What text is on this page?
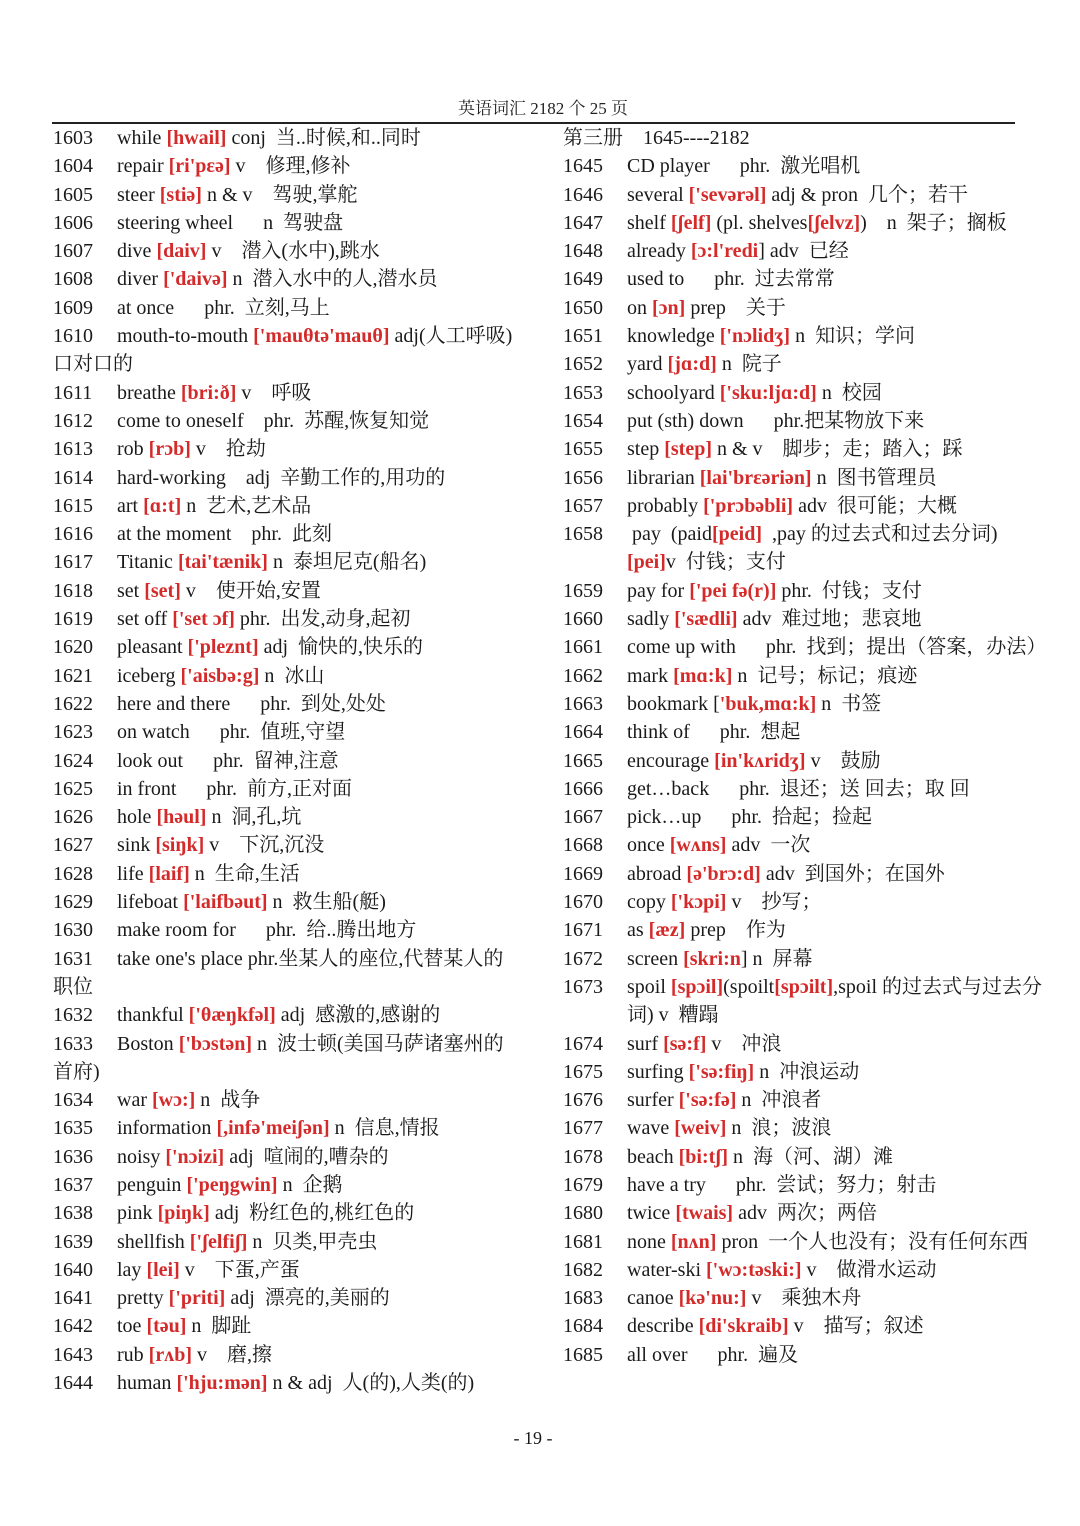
英语词汇 2182 个 25 页
1603 while [hwail] conj  当..时候,和..同时
1604 repair [ri'pεə] v    修理,修补
1605 steer [stiə] n & v    驾驶,掌舵
1606 steering wheel      n  驾驶盘
1607 dive [daiv] v    潜入(水中),跳水
1608 diver ['daivə] n  潜入水中的人,潜水员
1609 at once      phr.  立刻,马上
1610 mouth-to-mouth ['mauθtə'mauθ] adj(人工呼吸)口对口的
1611 breathe [bri:ð] v    呼吸
1612 come to oneself    phr.  苏醒,恢复知觉
1613 rob [rɔb] v    抢劫
1614 hard-working    adj  辛勤工作的,用功的
1615 art [ɑ:t] n  艺术,艺术品
1616 at the moment    phr.  此刻
1617 Titanic [tai'tænik] n  泰坦尼克(船名)
1618 set [set] v    使开始,安置
1619 set off ['set ɔf] phr.  出发,动身,起初
1620 pleasant ['pleznt] adj  愉快的,快乐的
1621 iceberg ['aisbə:g] n  冰山
1622 here and there      phr.  到处,处处
1623 on watch      phr.  值班,守望
1624 look out      phr.  留神,注意
1625 in front      phr.  前方,正对面
1626 hole [həul] n  洞,孔,坑
1627 sink [siŋk] v    下沉,沉没
1628 life [laif] n  生命,生活
1629 lifeboat ['laifbəut] n  救生船(艇)
1630 make room for      phr.  给..腾出地方
1631 take one's place phr.坐某人的座位,代替某人的职位
1632 thankful ['θæŋkfəl] adj  感激的,感谢的
1633 Boston ['bɔstən] n  波士顿(美国马萨诸塞州的首府)
1634 war [wɔ:] n  战争
1635 information [,infə'meiʃən] n  信息,情报
1636 noisy ['nɔizi] adj  喧闹的,嘈杂的
1637 penguin ['peŋgwin] n  企鹅
1638 pink [piŋk] adj  粉红色的,桃红色的
1639 shellfish ['ʃelfiʃ] n  贝类,甲壳虫
1640 lay [lei] v    下蛋,产蛋
1641 pretty ['priti] adj  漂亮的,美丽的
1642 toe [təu] n  脚趾
1643 rub [rʌb] v    磨,擦
1644 human ['hju:mən] n & adj  人(的),人类(的)
第三册    1645----2182
1645 CD player      phr.  激光唱机
1646 several ['sevərəl] adj & pron  几个；若干
1647 shelf [ʃelf] (pl. shelves[ʃelvz])    n  架子；搁板
1648 already [ɔ:l'redi] adv  已经
1649 used to      phr.  过去常常
1650 on [ɔn] prep    关于
1651 knowledge ['nɔlidʒ] n  知识；学问
1652 yard [jɑ:d] n  院子
1653 schoolyard ['sku:ljɑ:d] n  校园
1654 put (sth) down      phr.把某物放下来
1655 step [step] n & v    脚步；走；踏入；踩
1656 librarian [lai'brεəriən] n  图书管理员
1657 probably ['prɔbəbli] adv  很可能；大概
1658 pay  (paid[peid]  ,pay 的过去式和过去分词)[pei]v  付钱；支付
1659 pay for ['pei fə(r)] phr.  付钱；支付
1660 sadly ['sædli] adv  难过地；悲哀地
1661 come up with      phr.  找到；提出（答案，办法）
1662 mark [mɑ:k] n  记号；标记；痕迹
1663 bookmark ['buk,mɑ:k] n  书签
1664 think of      phr.  想起
1665 encourage [in'kʌridʒ] v    鼓励
1666 get…back      phr.  退还；送 回去；取 回
1667 pick…up      phr.  拾起；捡起
1668 once [wʌns] adv  一次
1669 abroad [ə'brɔ:d] adv  到国外；在国外
1670 copy ['kɔpi] v    抄写；
1671 as [æz] prep    作为
1672 screen [skri:n] n  屏幕
1673 spoil [spɔil](spoilt[spɔilt],spoil 的过去式与过去分词) v  糟蹋
1674 surf [sə:f] v    冲浪
1675 surfing ['sə:fiŋ] n  冲浪运动
1676 surfer ['sə:fə] n  冲浪者
1677 wave [weiv] n  浪；波浪
1678 beach [bi:tʃ] n  海（河、湖）滩
1679 have a try      phr.  尝试；努力；射击
1680 twice [twais] adv  两次；两倍
1681 none [nʌn] pron  一个人也没有；没有任何东西
1682 water-ski ['wɔ:təski:] v    做滑水运动
1683 canoe [kə'nu:] v    乘独木舟
1684 describe [di'skraib] v    描写；叙述
1685 all over      phr.  遍及
- 19 -
